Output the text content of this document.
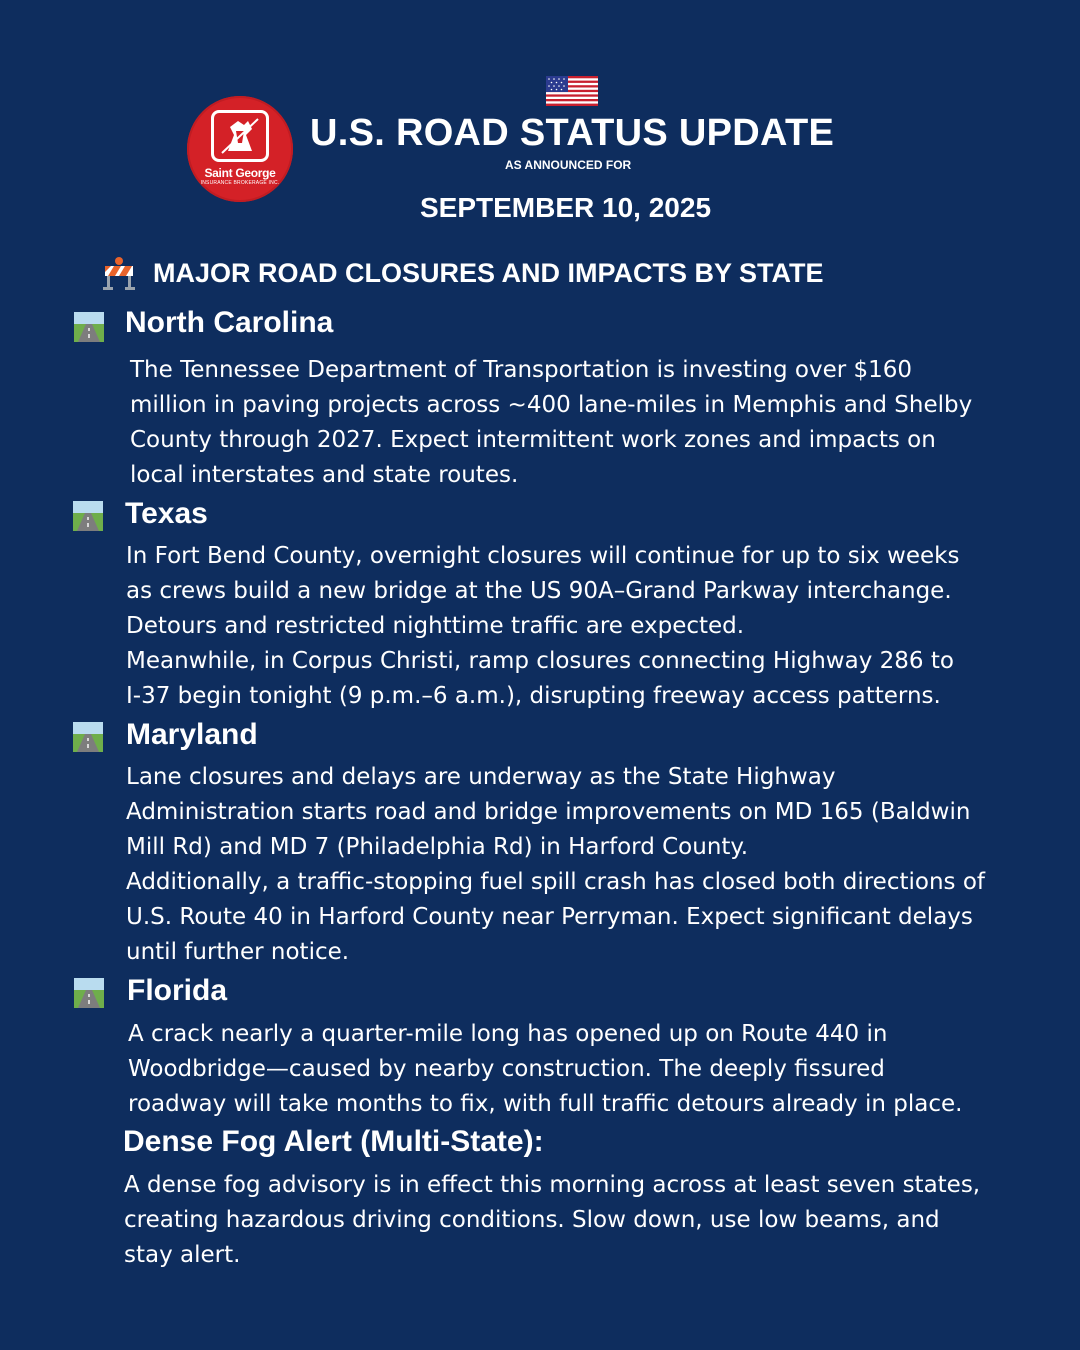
Saint George
INSURANCE BROKERAGE INC.
U.S. ROAD STATUS UPDATE
AS ANNOUNCED FOR
SEPTEMBER 10, 2025
MAJOR ROAD CLOSURES AND IMPACTS BY STATE
North Carolina
The Tennessee Department of Transportation is investing over $160
million in paving projects across ~400 lane-miles in Memphis and Shelby
County through 2027. Expect intermittent work zones and impacts on
local interstates and state routes.
Texas
In Fort Bend County, overnight closures will continue for up to six weeks
as crews build a new bridge at the US 90A–Grand Parkway interchange.
Detours and restricted nighttime traffic are expected.
Meanwhile, in Corpus Christi, ramp closures connecting Highway 286 to
I-37 begin tonight (9 p.m.–6 a.m.), disrupting freeway access patterns.
Maryland
Lane closures and delays are underway as the State Highway
Administration starts road and bridge improvements on MD 165 (Baldwin
Mill Rd) and MD 7 (Philadelphia Rd) in Harford County.
Additionally, a traffic-stopping fuel spill crash has closed both directions of
U.S. Route 40 in Harford County near Perryman. Expect significant delays
until further notice.
Florida
A crack nearly a quarter-mile long has opened up on Route 440 in
Woodbridge—caused by nearby construction. The deeply fissured
roadway will take months to fix, with full traffic detours already in place.
Dense Fog Alert (Multi-State):
A dense fog advisory is in effect this morning across at least seven states,
creating hazardous driving conditions. Slow down, use low beams, and
stay alert.
